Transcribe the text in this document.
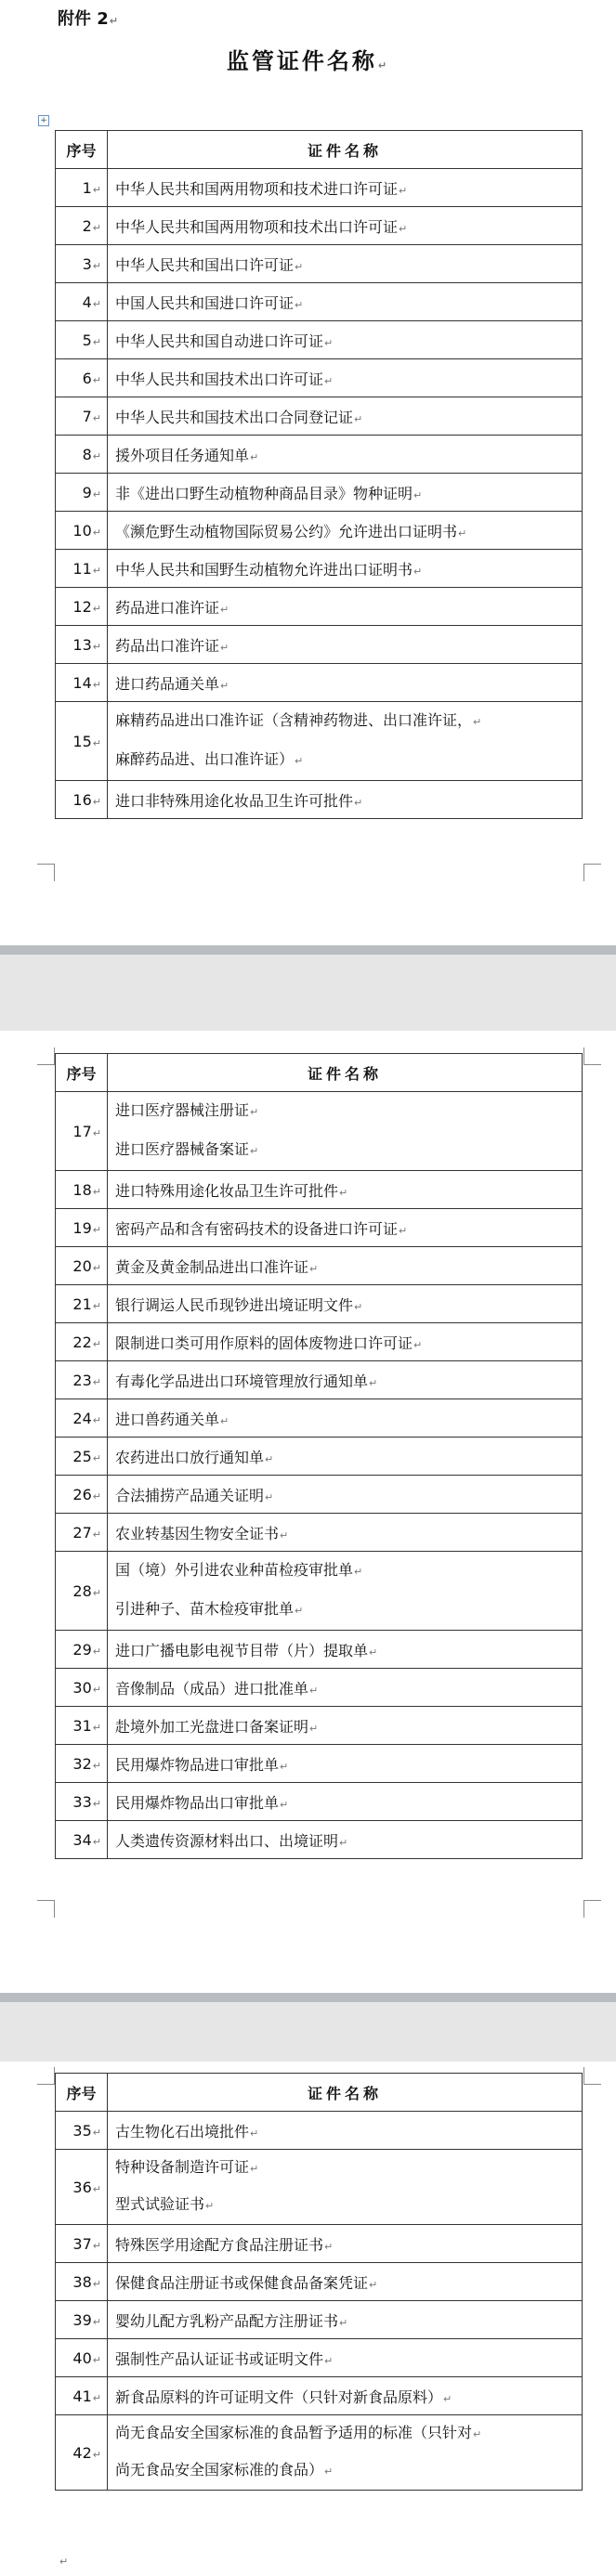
附件 2 ↵
监管证件名称 ↵
+
序号	证件名称
1 ↵	中华人民共和国两用物项和技术进口许可证 ↵

2 ↵	中华人民共和国两用物项和技术出口许可证 ↵

3 ↵	中华人民共和国出口许可证 ↵

4 ↵	中国人民共和国进口许可证 ↵

5 ↵	中华人民共和国自动进口许可证 ↵

6 ↵	中华人民共和国技术出口许可证 ↵

7 ↵	中华人民共和国技术出口合同登记证 ↵

8 ↵	援外项目任务通知单 ↵

9 ↵	非《进出口野生动植物种商品目录》物种证明 ↵

10 ↵	《濒危野生动植物国际贸易公约》允许进出口证明书 ↵

11 ↵	中华人民共和国野生动植物允许进出口证明书 ↵

12 ↵	药品进口准许证 ↵

13 ↵	药品出口准许证 ↵

14 ↵	进口药品通关单 ↵

15 ↵	麻精药品进出口准许证（含精神药物进、出口准许证， ↵
麻醉药品进、出口准许证） ↵

16 ↵	进口非特殊用途化妆品卫生许可批件 ↵
序号	证件名称
17 ↵	进口医疗器械注册证 ↵
进口医疗器械备案证 ↵

18 ↵	进口特殊用途化妆品卫生许可批件 ↵

19 ↵	密码产品和含有密码技术的设备进口许可证 ↵

20 ↵	黄金及黄金制品进出口准许证 ↵

21 ↵	银行调运人民币现钞进出境证明文件 ↵

22 ↵	限制进口类可用作原料的固体废物进口许可证 ↵

23 ↵	有毒化学品进出口环境管理放行通知单 ↵

24 ↵	进口兽药通关单 ↵

25 ↵	农药进出口放行通知单 ↵

26 ↵	合法捕捞产品通关证明 ↵

27 ↵	农业转基因生物安全证书 ↵

28 ↵	国（境）外引进农业种苗检疫审批单 ↵
引进种子、苗木检疫审批单 ↵

29 ↵	进口广播电影电视节目带（片）提取单 ↵

30 ↵	音像制品（成品）进口批准单 ↵

31 ↵	赴境外加工光盘进口备案证明 ↵

32 ↵	民用爆炸物品进口审批单 ↵

33 ↵	民用爆炸物品出口审批单 ↵

34 ↵	人类遗传资源材料出口、出境证明 ↵
序号	证件名称
35 ↵	古生物化石出境批件 ↵

36 ↵	特种设备制造许可证 ↵
型式试验证书 ↵

37 ↵	特殊医学用途配方食品注册证书 ↵

38 ↵	保健食品注册证书或保健食品备案凭证 ↵

39 ↵	婴幼儿配方乳粉产品配方注册证书 ↵

40 ↵	强制性产品认证证书或证明文件 ↵

41 ↵	新食品原料的许可证明文件（只针对新食品原料） ↵

42 ↵	尚无食品安全国家标准的食品暂予适用的标准（只针对 ↵
尚无食品安全国家标准的食品） ↵
↵
